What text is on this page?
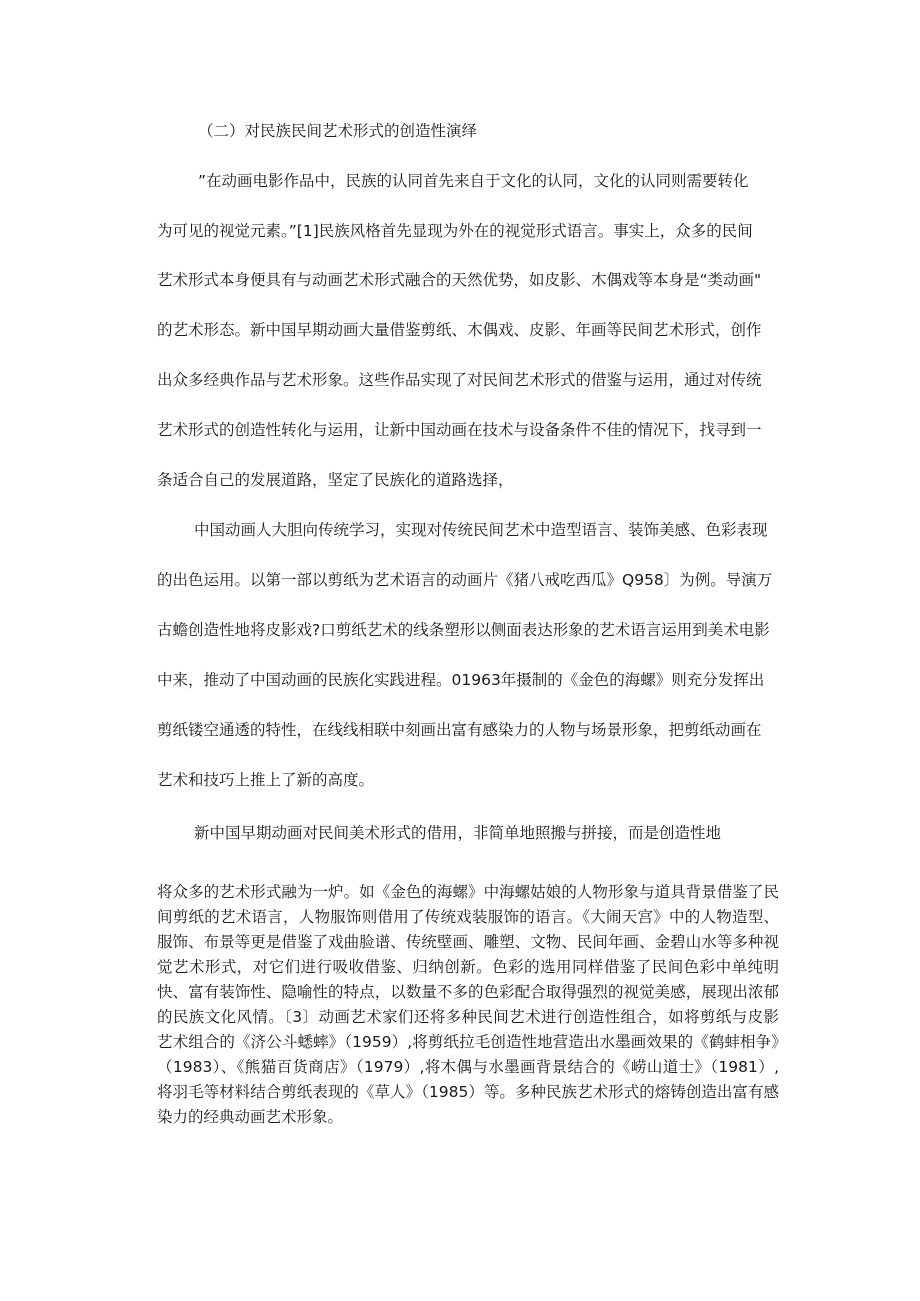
（二）对民族民间艺术形式的创造性演绎
”在动画电影作品中，民族的认同首先来自于文化的认同，文化的认同则需要转化
为可见的视觉元素。”[1]民族风格首先显现为外在的视觉形式语言。事实上，众多的民间
艺术形式本身便具有与动画艺术形式融合的天然优势，如皮影、木偶戏等本身是“类动画"
的艺术形态。新中国早期动画大量借鉴剪纸、木偶戏、皮影、年画等民间艺术形式，创作
出众多经典作品与艺术形象。这些作品实现了对民间艺术形式的借鉴与运用，通过对传统
艺术形式的创造性转化与运用，让新中国动画在技术与设备条件不佳的情况下，找寻到一
条适合自己的发展道路，坚定了民族化的道路选择，
中国动画人大胆向传统学习，实现对传统民间艺术中造型语言、装饰美感、色彩表现
的出色运用。以第一部以剪纸为艺术语言的动画片《猪八戒吃西瓜》Q958〕为例。导演万
古蟾创造性地将皮影戏?口剪纸艺术的线条塑形以侧面表达形象的艺术语言运用到美术电影
中来，推动了中国动画的民族化实践进程。01963年摄制的《金色的海螺》则充分发挥出
剪纸镂空通透的特性，在线线相联中刻画出富有感染力的人物与场景形象，把剪纸动画在
艺术和技巧上推上了新的高度。
新中国早期动画对民间美术形式的借用，非简单地照搬与拼接，而是创造性地

将众多的艺术形式融为一炉。如《金色的海螺》中海螺姑娘的人物形象与道具背景借鉴了民间剪纸的艺术语言，人物服饰则借用了传统戏装服饰的语言。《大闹天宫》中的人物造型、服饰、布景等更是借鉴了戏曲脸谱、传统壁画、雕塑、文物、民间年画、金碧山水等多种视觉艺术形式，对它们进行吸收借鉴、归纳创新。色彩的选用同样借鉴了民间色彩中单纯明快、富有装饰性、隐喻性的特点，以数量不多的色彩配合取得强烈的视觉美感，展现出浓郁的民族文化风情。〔3〕动画艺术家们还将多种民间艺术进行创造性组合，如将剪纸与皮影艺术组合的《济公斗蟋蟀》（1959）,将剪纸拉毛创造性地营造出水墨画效果的《鹤蚌相争》（1983）、《熊猫百货商店》（1979）,将木偶与水墨画背景结合的《崂山道士》（1981）,将羽毛等材料结合剪纸表现的《草人》（1985）等。多种民族艺术形式的熔铸创造出富有感染力的经典动画艺术形象。
